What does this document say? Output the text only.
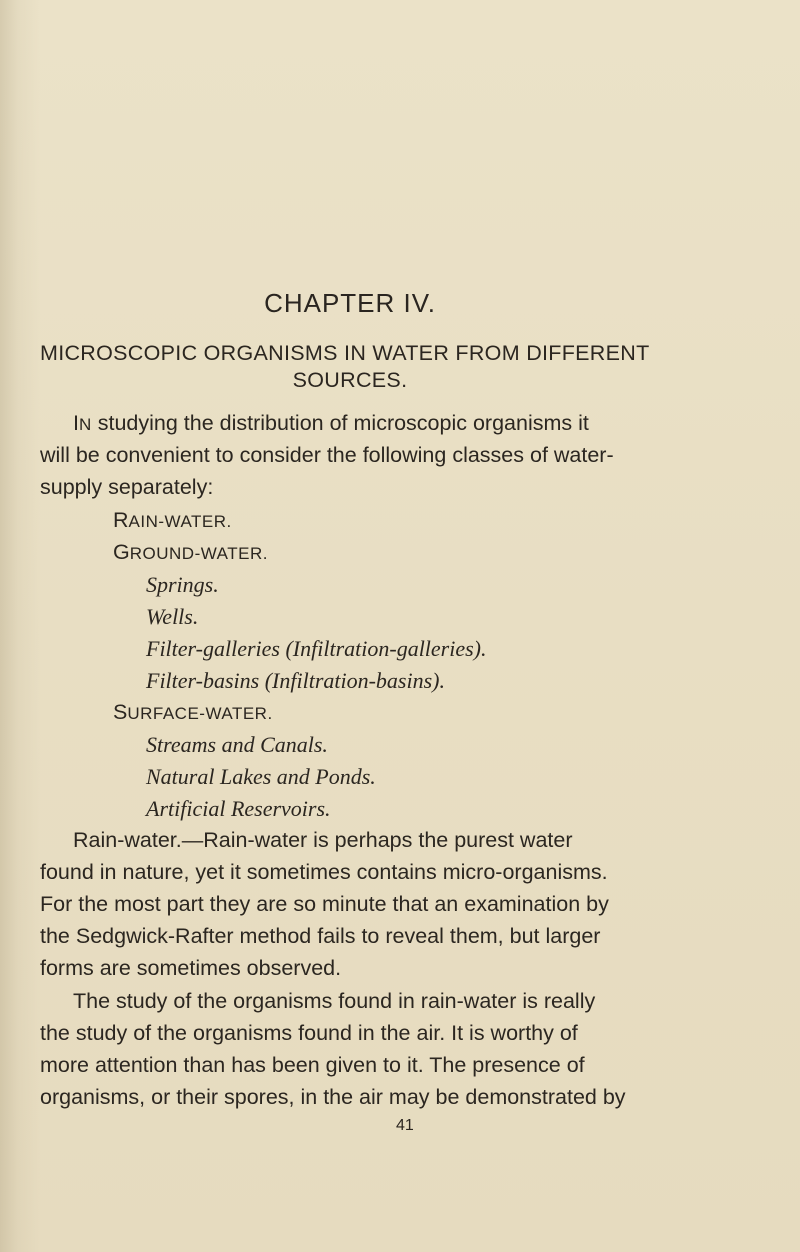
CHAPTER IV.
MICROSCOPIC ORGANISMS IN WATER FROM DIFFERENT
SOURCES.
IN studying the distribution of microscopic organisms it
will be convenient to consider the following classes of water-
supply separately:
RAIN-WATER.
GROUND-WATER.
Springs.
Wells.
Filter-galleries (Infiltration-galleries).
Filter-basins (Infiltration-basins).
SURFACE-WATER.
Streams and Canals.
Natural Lakes and Ponds.
Artificial Reservoirs.
Rain-water.—Rain-water is perhaps the purest water
found in nature, yet it sometimes contains micro-organisms.
For the most part they are so minute that an examination by
the Sedgwick-Rafter method fails to reveal them, but larger
forms are sometimes observed.
The study of the organisms found in rain-water is really
the study of the organisms found in the air. It is worthy of
more attention than has been given to it. The presence of
organisms, or their spores, in the air may be demonstrated by
41
